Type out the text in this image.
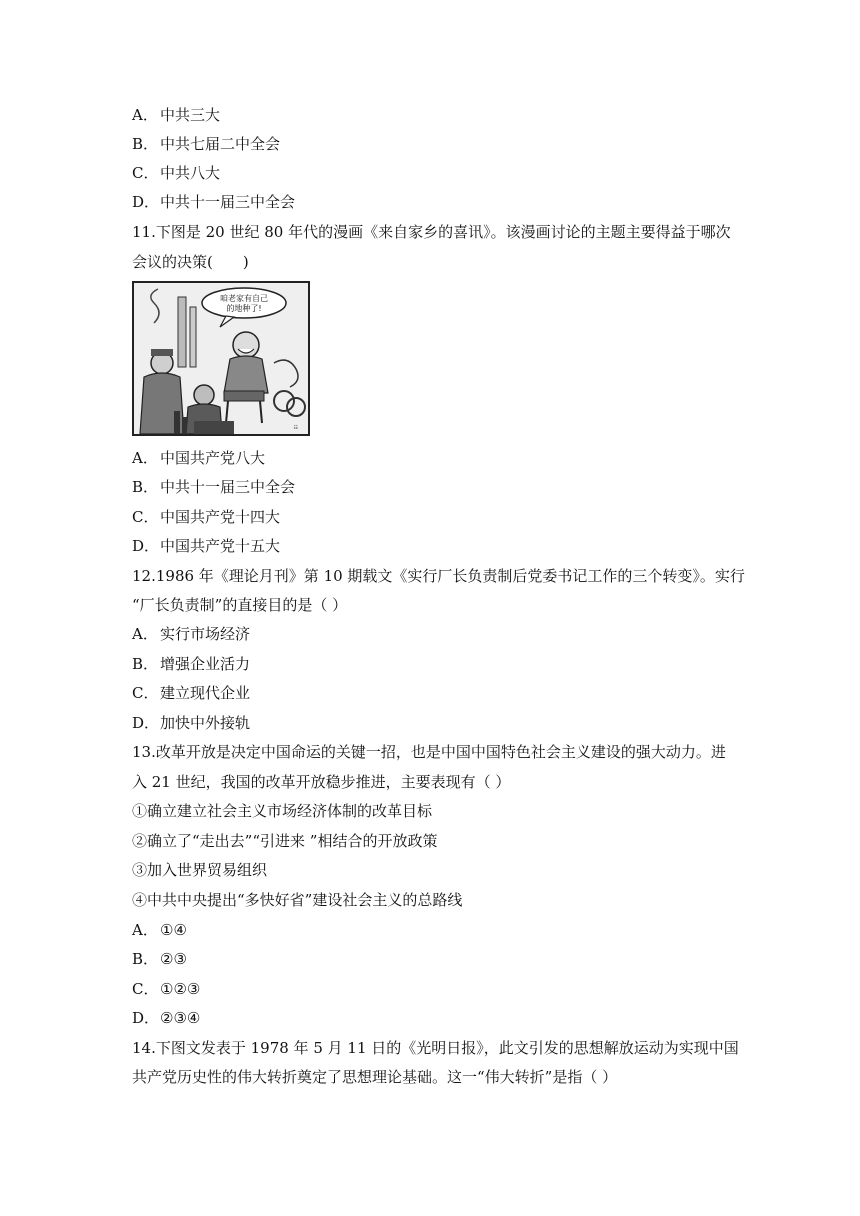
A． 中共三大
B． 中共七届二中全会
C． 中共八大
D．中共十一届三中全会
11.下图是 20 世纪 80 年代的漫画《来自家乡的喜讯》。该漫画讨论的主题主要得益于哪次
会议的决策(　　)
咱老家有自己
的地种了!
☷
A． 中国共产党八大
B． 中共十一届三中全会
C． 中国共产党十四大
D．中国共产党十五大
12.1986 年《理论月刊》第 10 期载文《实行厂长负责制后党委书记工作的三个转变》。实行
“厂长负责制”的直接目的是（ ）
A． 实行市场经济
B． 增强企业活力
C． 建立现代企业
D．加快中外接轨
13.改革开放是决定中国命运的关键一招，也是中国中国特色社会主义建设的强大动力。进
入 21 世纪，我国的改革开放稳步推进，主要表现有（ ）
①确立建立社会主义市场经济体制的改革目标
②确立了“走出去”“引进来 ”相结合的开放政策
③加入世界贸易组织
④中共中央提出“多快好省”建设社会主义的总路线
A． ①④
B． ②③
C． ①②③
D．②③④
14.下图文发表于 1978 年 5 月 11 日的《光明日报》，此文引发的思想解放运动为实现中国
共产党历史性的伟大转折奠定了思想理论基础。这一“伟大转折”是指（ ）
